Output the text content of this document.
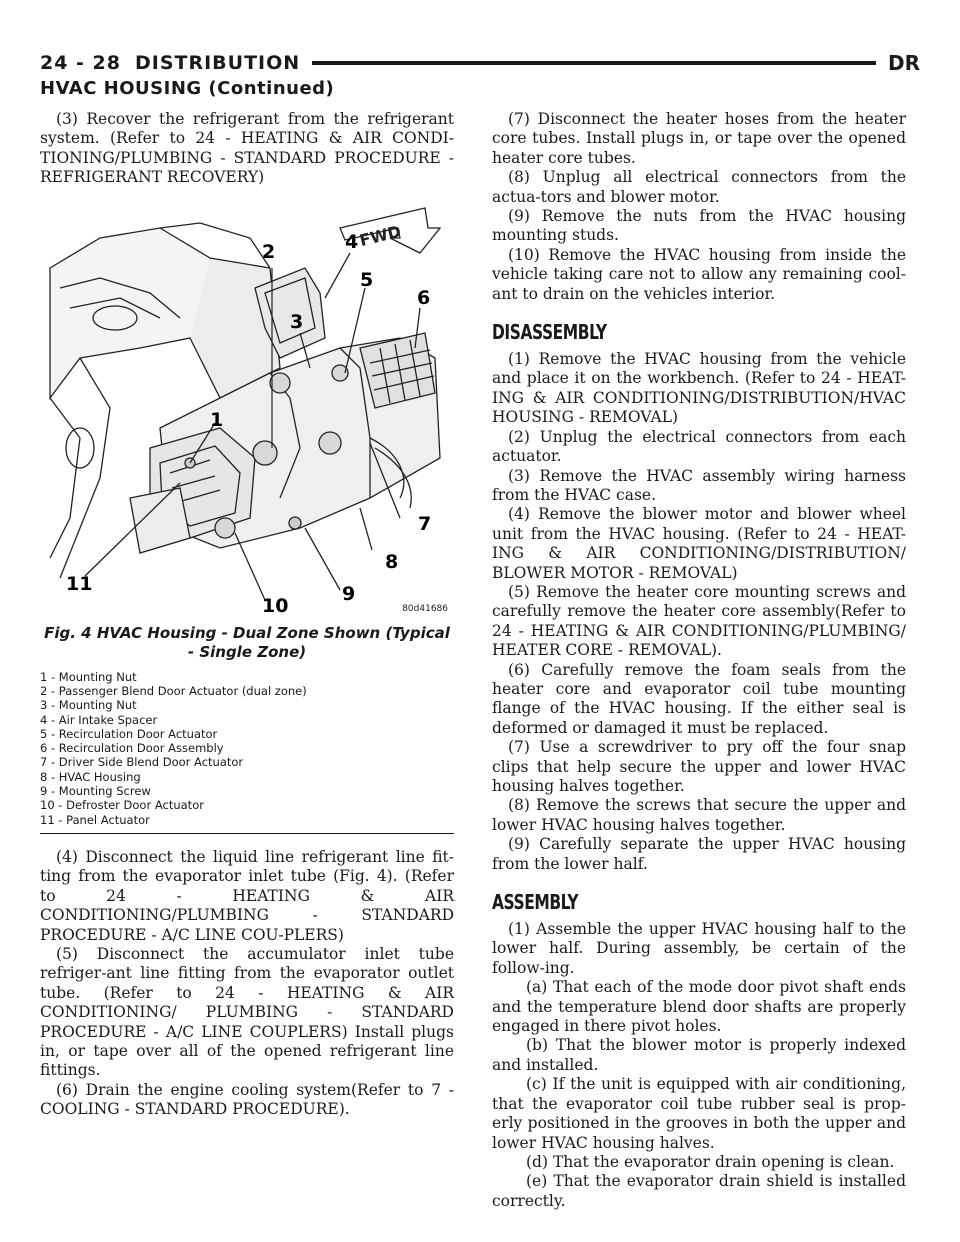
24 - 28 DISTRIBUTION	DR
HVAC HOUSING (Continued)

(3) Recover the refrigerant from the refrigerant system. (Refer to 24 - HEATING & AIR CONDI-TIONING/PLUMBING - STANDARD PROCEDURE - REFRIGERANT RECOVERY)

FWD
1
2
3
4
5
6
7
8
9
10
11
80d41686
Fig. 4 HVAC Housing - Dual Zone Shown (Typical - Single Zone)
1 - Mounting Nut
2 - Passenger Blend Door Actuator (dual zone)
3 - Mounting Nut
4 - Air Intake Spacer
5 - Recirculation Door Actuator
6 - Recirculation Door Assembly
7 - Driver Side Blend Door Actuator
8 - HVAC Housing
9 - Mounting Screw
10 - Defroster Door Actuator
11 - Panel Actuator

(4) Disconnect the liquid line refrigerant line fit-ting from the evaporator inlet tube (Fig. 4). (Refer to 24 - HEATING & AIR CONDITIONING/PLUMBING - STANDARD PROCEDURE - A/C LINE COU-PLERS)

(5) Disconnect the accumulator inlet tube refriger-ant line fitting from the evaporator outlet tube. (Refer to 24 - HEATING & AIR CONDITIONING/ PLUMBING - STANDARD PROCEDURE - A/C LINE COUPLERS) Install plugs in, or tape over all of the opened refrigerant line fittings.

(6) Drain the engine cooling system(Refer to 7 - COOLING - STANDARD PROCEDURE).

(7) Disconnect the heater hoses from the heater core tubes. Install plugs in, or tape over the opened heater core tubes.

(8) Unplug all electrical connectors from the actua-tors and blower motor.

(9) Remove the nuts from the HVAC housing mounting studs.

(10) Remove the HVAC housing from inside the vehicle taking care not to allow any remaining cool-ant to drain on the vehicles interior.

DISASSEMBLY

(1) Remove the HVAC housing from the vehicle and place it on the workbench. (Refer to 24 - HEAT-ING & AIR CONDITIONING/DISTRIBUTION/HVAC HOUSING - REMOVAL)

(2) Unplug the electrical connectors from each actuator.

(3) Remove the HVAC assembly wiring harness from the HVAC case.

(4) Remove the blower motor and blower wheel unit from the HVAC housing. (Refer to 24 - HEAT-ING & AIR CONDITIONING/DISTRIBUTION/ BLOWER MOTOR - REMOVAL)

(5) Remove the heater core mounting screws and carefully remove the heater core assembly(Refer to 24 - HEATING & AIR CONDITIONING/PLUMBING/ HEATER CORE - REMOVAL).

(6) Carefully remove the foam seals from the heater core and evaporator coil tube mounting flange of the HVAC housing. If the either seal is deformed or damaged it must be replaced.

(7) Use a screwdriver to pry off the four snap clips that help secure the upper and lower HVAC housing halves together.

(8) Remove the screws that secure the upper and lower HVAC housing halves together.

(9) Carefully separate the upper HVAC housing from the lower half.

ASSEMBLY

(1) Assemble the upper HVAC housing half to the lower half. During assembly, be certain of the follow-ing.

(a) That each of the mode door pivot shaft ends and the temperature blend door shafts are properly engaged in there pivot holes.

(b) That the blower motor is properly indexed and installed.

(c) If the unit is equipped with air conditioning, that the evaporator coil tube rubber seal is prop-erly positioned in the grooves in both the upper and lower HVAC housing halves.

(d) That the evaporator drain opening is clean.

(e) That the evaporator drain shield is installed correctly.
